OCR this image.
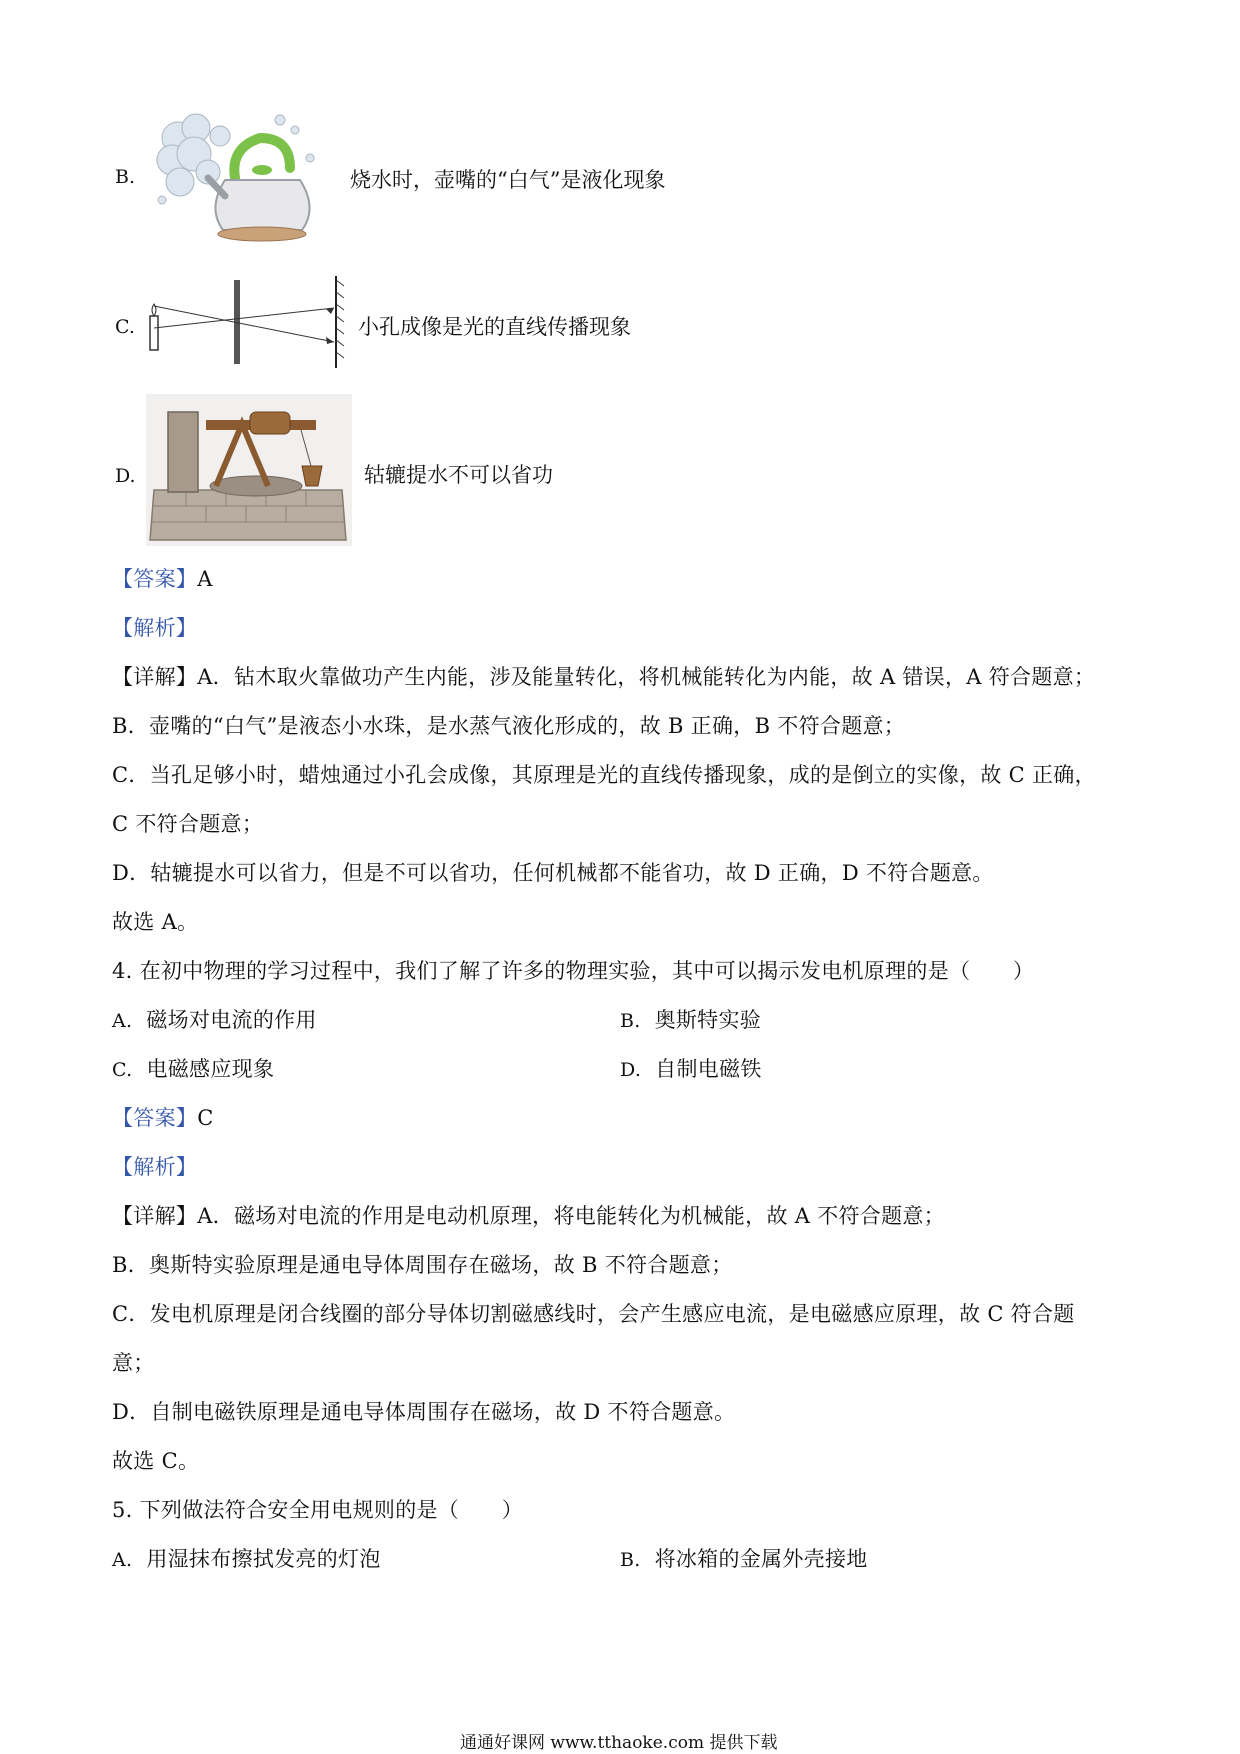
B.	烧水时，壶嘴的“白气”是液化现象
C.	小孔成像是光的直线传播现象
D.	轱辘提水不可以省功
【答案】A
【解析】
【详解】A．钻木取火靠做功产生内能，涉及能量转化，将机械能转化为内能，故 A 错误，A 符合题意；
B．壶嘴的“白气”是液态小水珠，是水蒸气液化形成的，故 B 正确，B 不符合题意；
C．当孔足够小时，蜡烛通过小孔会成像，其原理是光的直线传播现象，成的是倒立的实像，故 C 正确，
C 不符合题意；
D．轱辘提水可以省力，但是不可以省功，任何机械都不能省功，故 D 正确，D 不符合题意。
故选 A。
4. 在初中物理的学习过程中，我们了解了许多的物理实验，其中可以揭示发电机原理的是（　　）
A. 磁场对电流的作用	B. 奥斯特实验
C. 电磁感应现象	D. 自制电磁铁
【答案】C
【解析】
【详解】A．磁场对电流的作用是电动机原理，将电能转化为机械能，故 A 不符合题意；
B．奥斯特实验原理是通电导体周围存在磁场，故 B 不符合题意；
C．发电机原理是闭合线圈的部分导体切割磁感线时，会产生感应电流，是电磁感应原理，故 C 符合题
意；
D．自制电磁铁原理是通电导体周围存在磁场，故 D 不符合题意。
故选 C。
5. 下列做法符合安全用电规则的是（　　）
A. 用湿抹布擦拭发亮的灯泡	B. 将冰箱的金属外壳接地
通通好课网 www.tthaoke.com 提供下载
